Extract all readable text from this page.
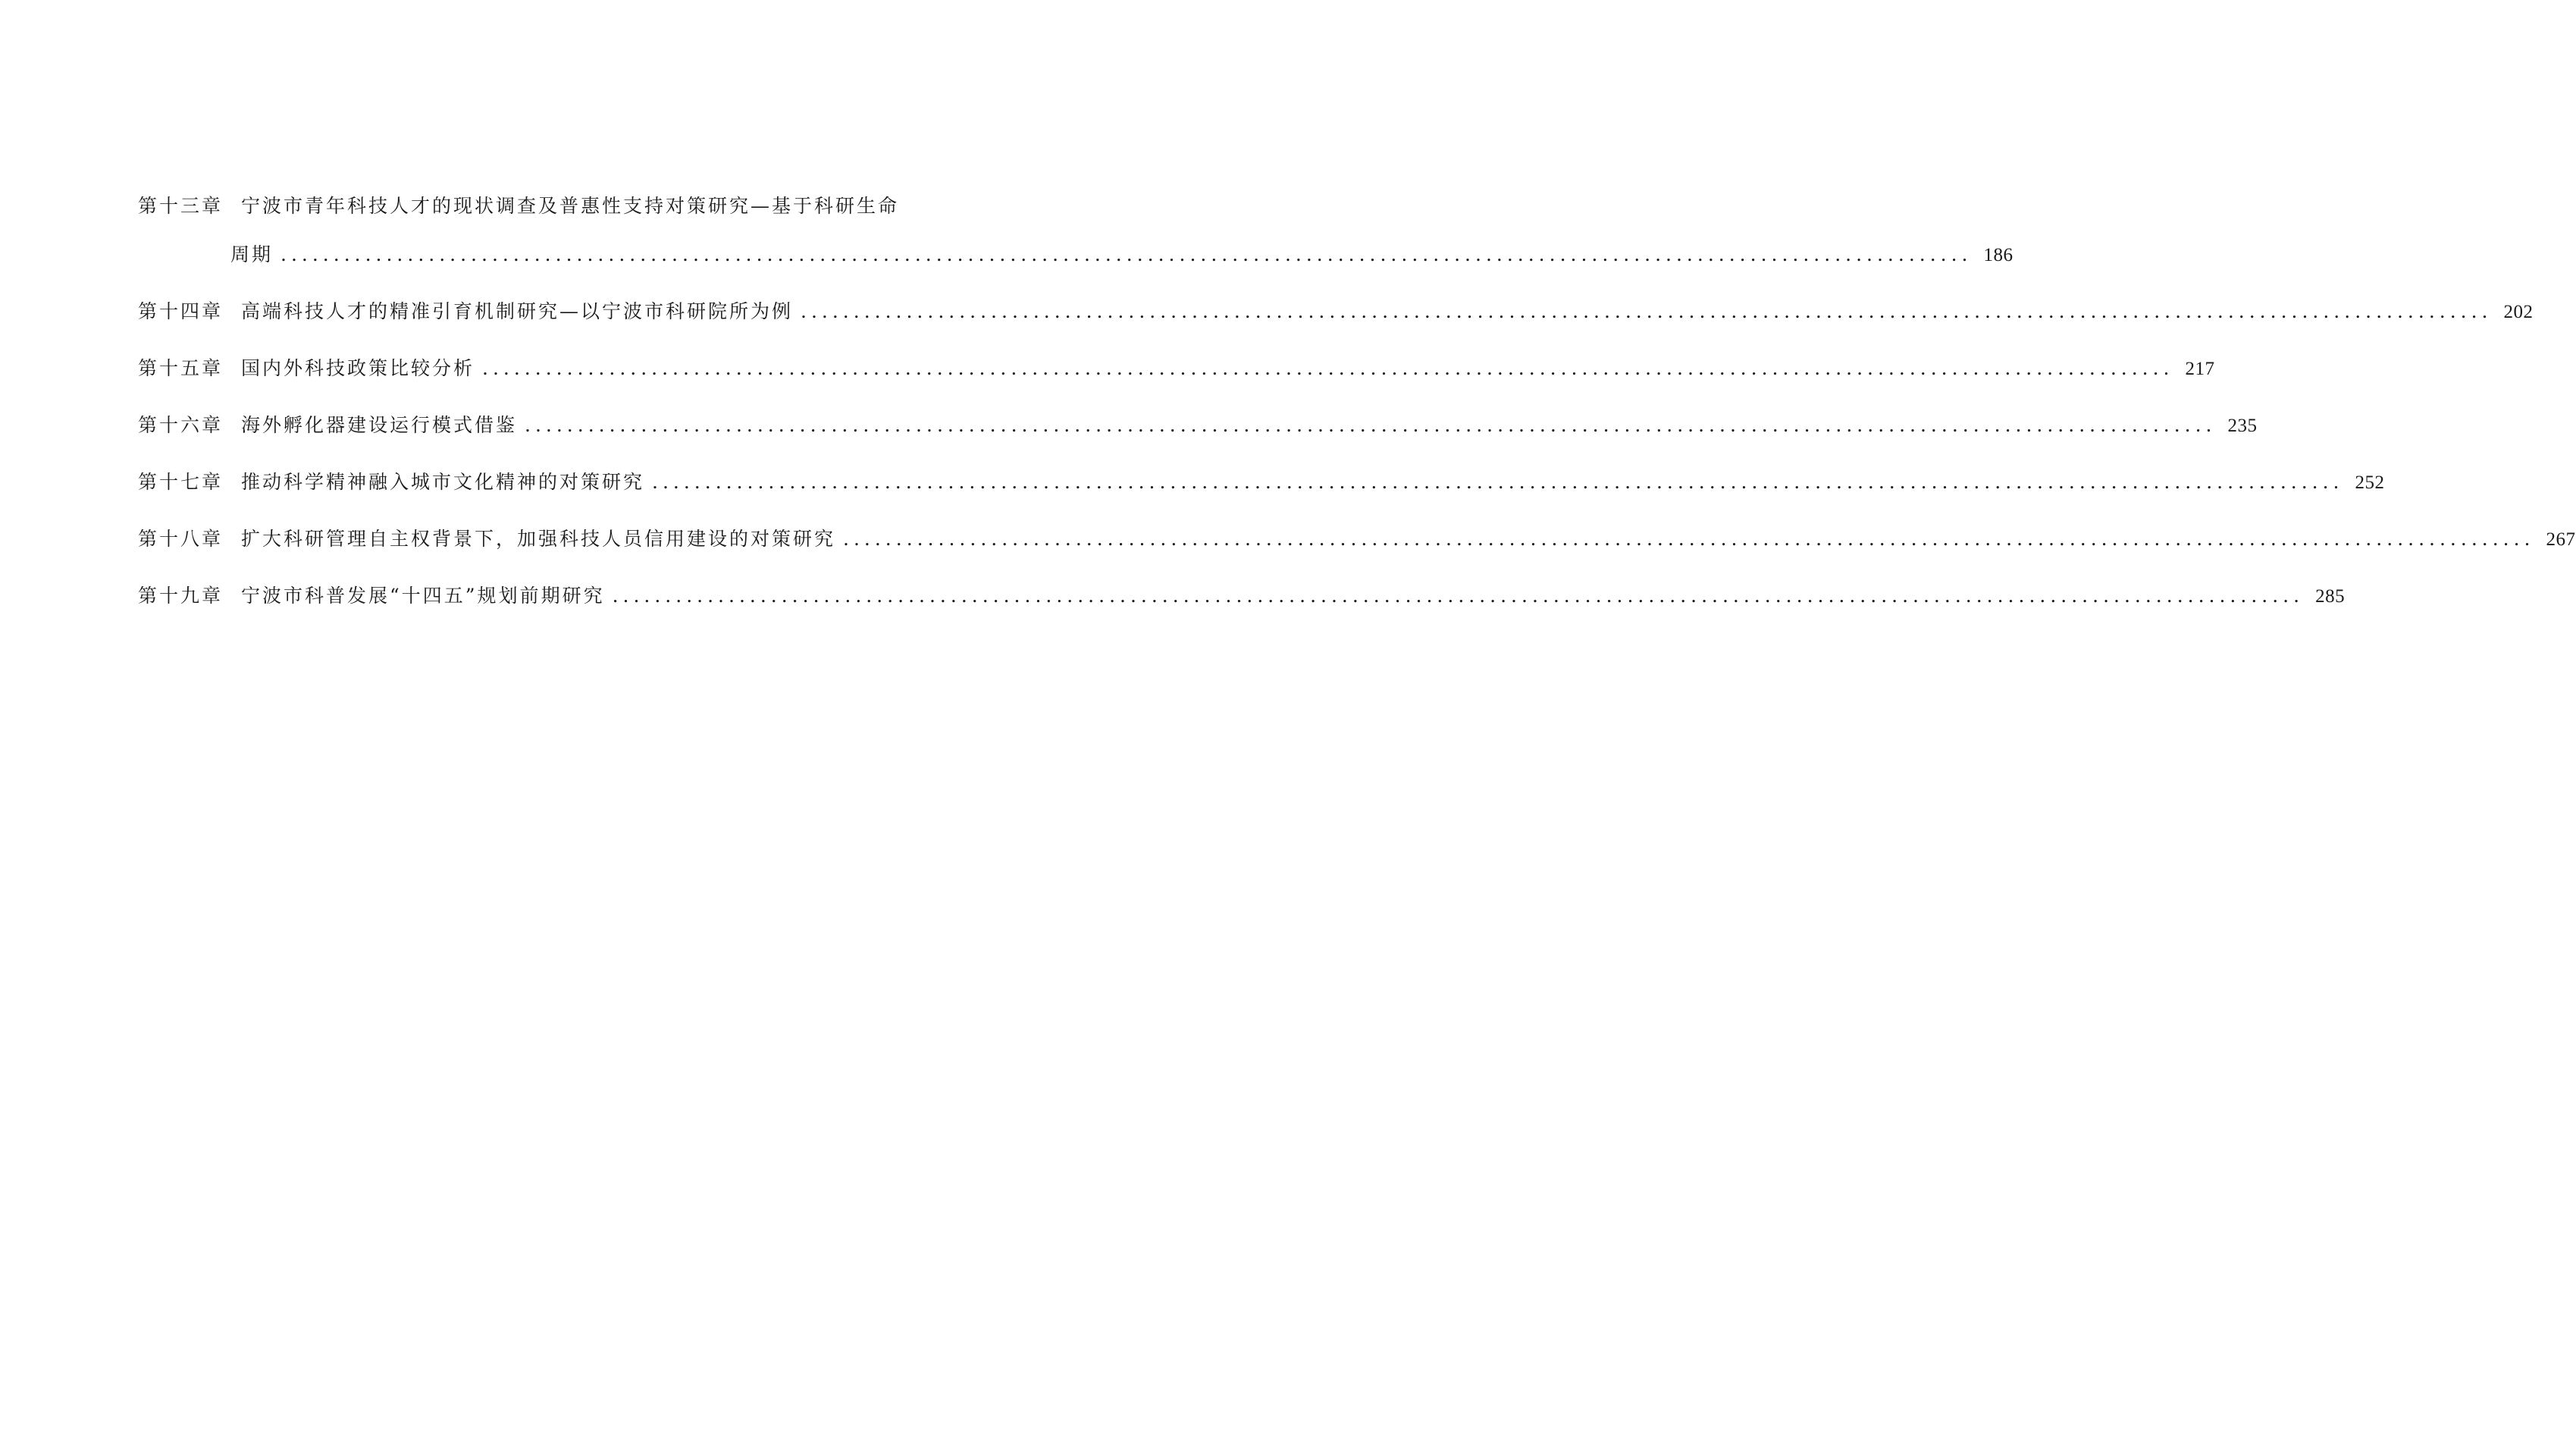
第十三章 宁波市青年科技人才的现状调查及普惠性支持对策研究—基于科研生命
周期 .....	186
第十四章 高端科技人才的精准引育机制研究—以宁波市科研院所为例 .....	202
第十五章 国内外科技政策比较分析 .....	217
第十六章 海外孵化器建设运行模式借鉴 .....	235
第十七章 推动科学精神融入城市文化精神的对策研究 .....	252
第十八章 扩大科研管理自主权背景下，加强科技人员信用建设的对策研究 .....	267
第十九章 宁波市科普发展“十四五”规划前期研究 .....	285
